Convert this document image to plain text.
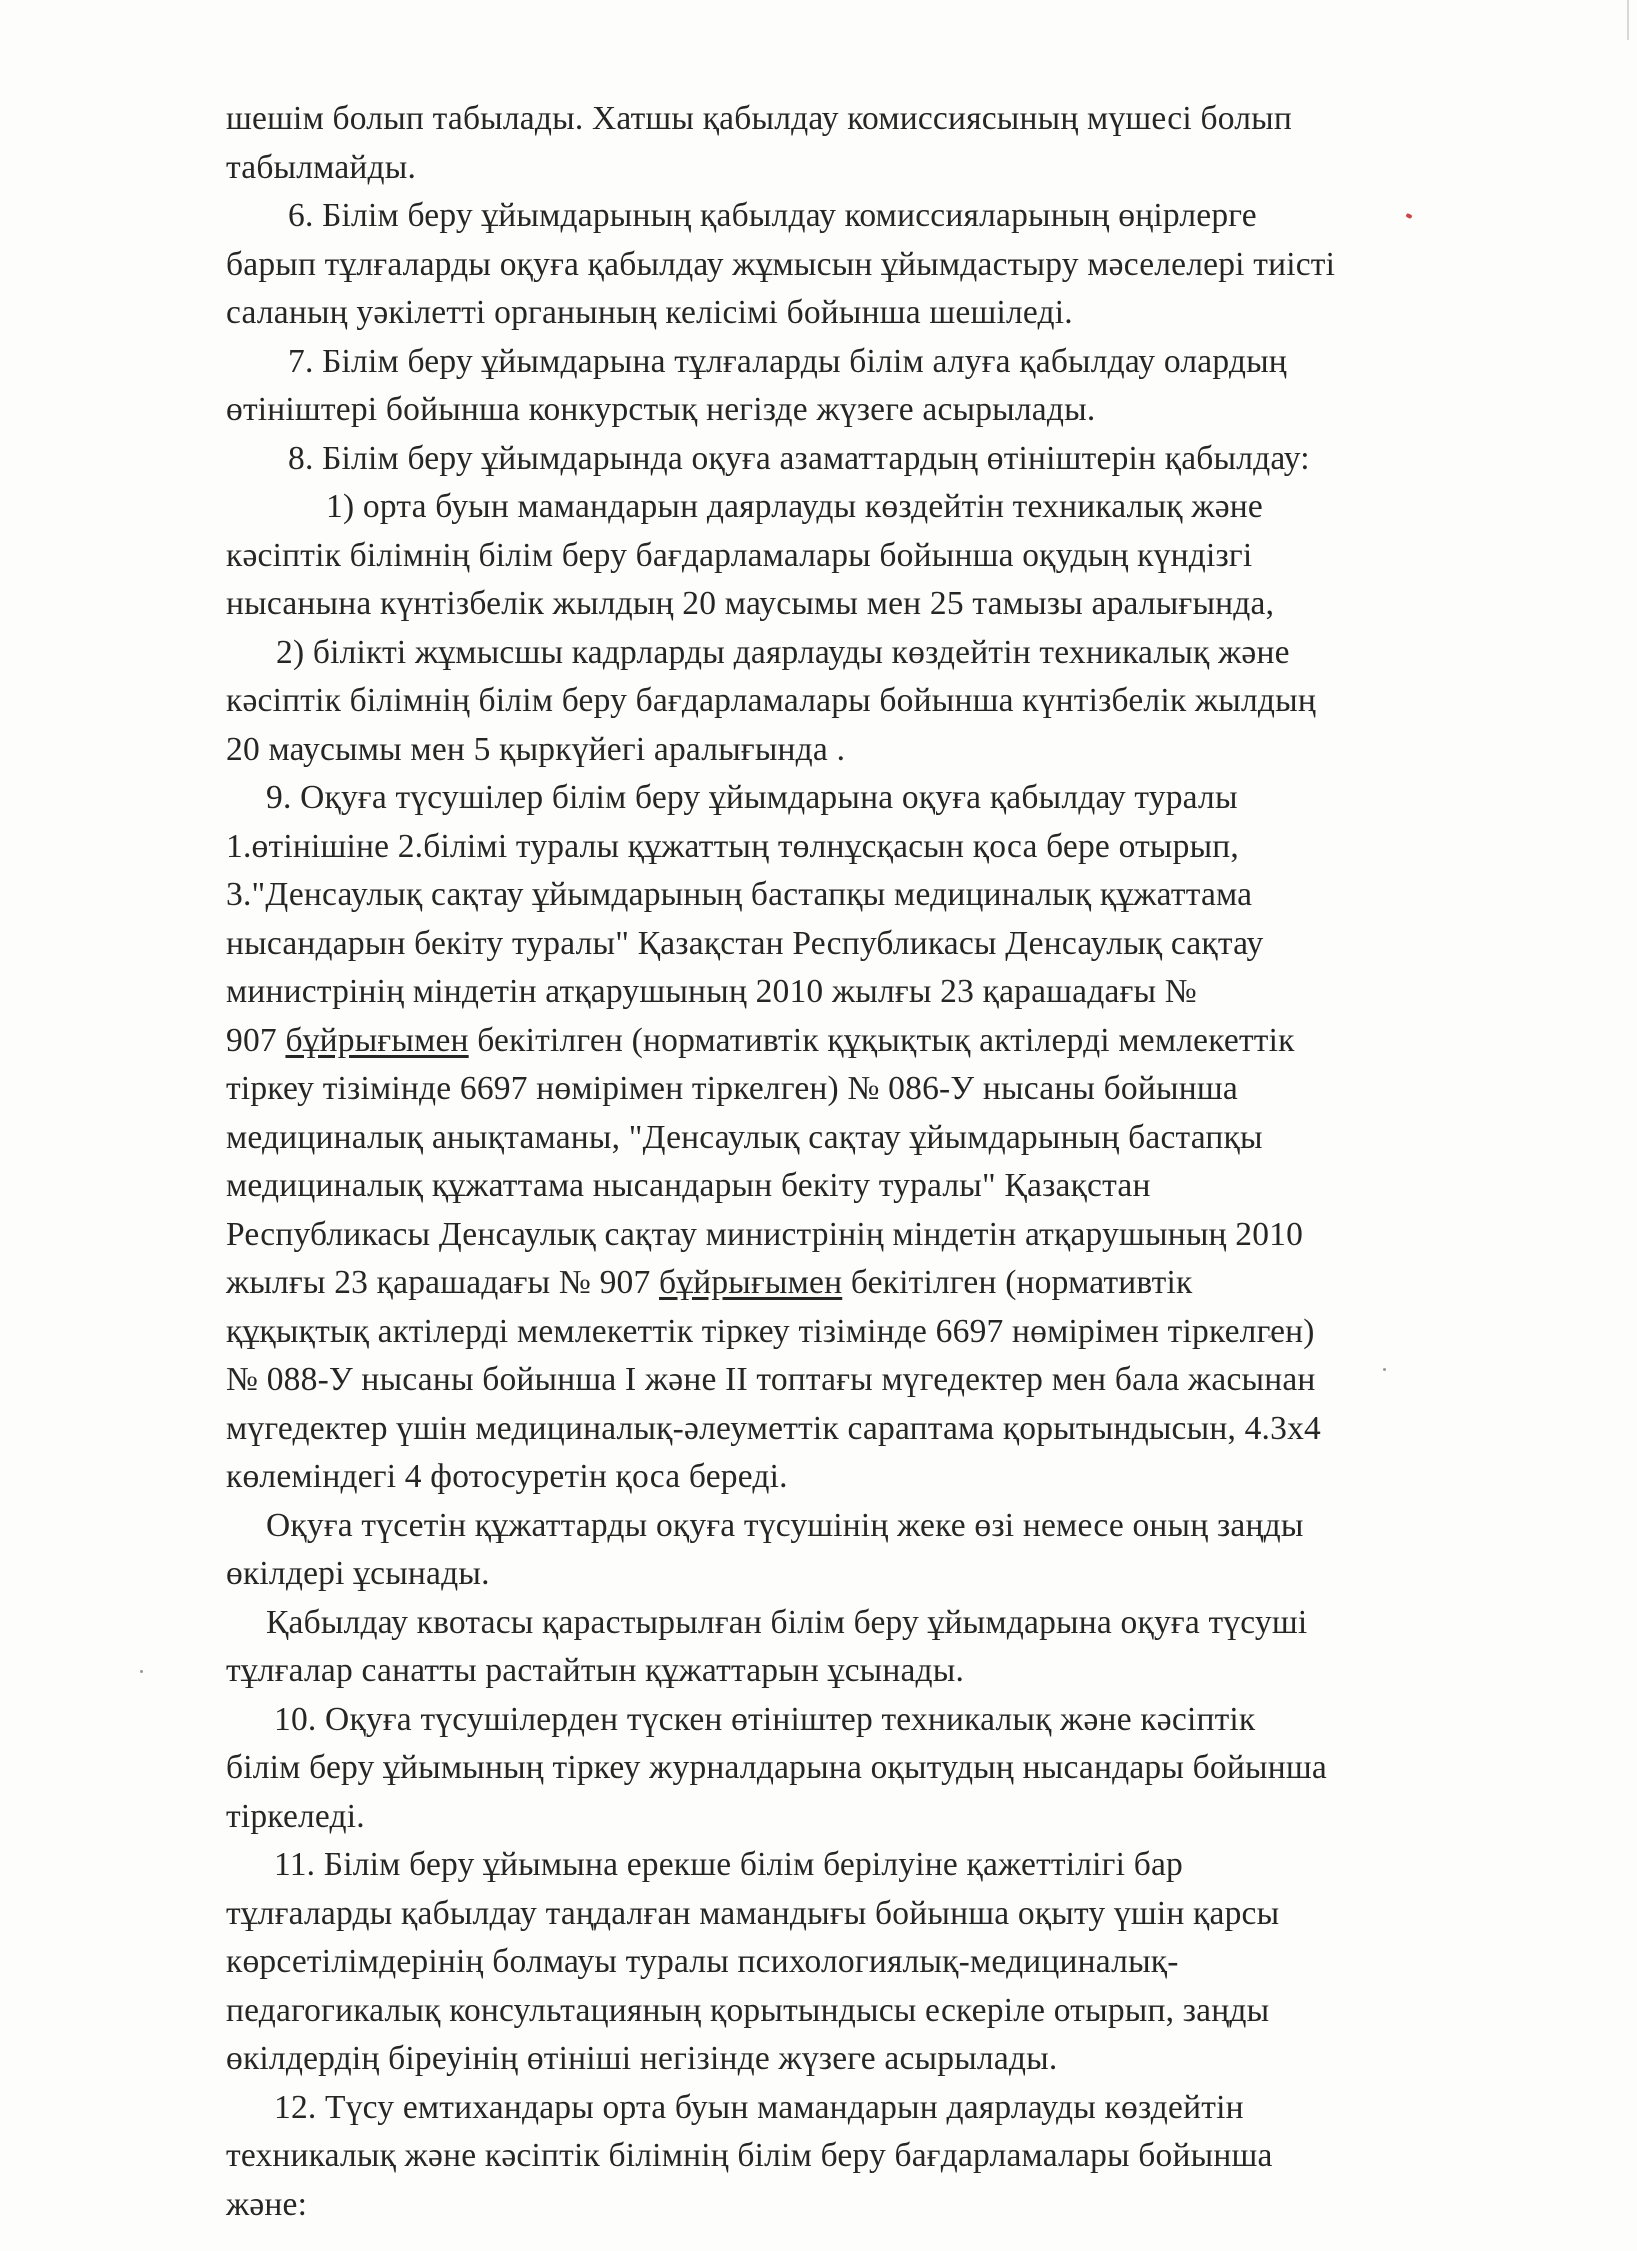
шешім болып табылады. Хатшы қабылдау комиссиясының мүшесі болып
табылмайды.
6. Білім беру ұйымдарының қабылдау комиссияларының өңірлерге
барып тұлғаларды оқуға қабылдау жұмысын ұйымдастыру мәселелері тиісті
саланың уәкілетті органының келісімі бойынша шешіледі.
7. Білім беру ұйымдарына тұлғаларды білім алуға қабылдау олардың
өтініштері бойынша конкурстық негізде жүзеге асырылады.
8. Білім беру ұйымдарында оқуға азаматтардың өтініштерін қабылдау:
1) орта буын мамандарын даярлауды көздейтін техникалық және
кәсіптік білімнің білім беру бағдарламалары бойынша оқудың күндізгі
нысанына күнтізбелік жылдың 20 маусымы мен 25 тамызы аралығында,
2) білікті жұмысшы кадрларды даярлауды көздейтін техникалық және
кәсіптік білімнің білім беру бағдарламалары бойынша күнтізбелік жылдың
20 маусымы мен 5 қыркүйегі аралығында .
9. Оқуға түсушілер білім беру ұйымдарына оқуға қабылдау туралы
1.өтінішіне 2.білімі туралы құжаттың төлнұсқасын қоса бере отырып,
3."Денсаулық сақтау ұйымдарының бастапқы медициналық құжаттама
нысандарын бекіту туралы" Қазақстан Республикасы Денсаулық сақтау
министрінің міндетін атқарушының 2010 жылғы 23 қарашадағы №
907 бұйрығымен бекітілген (нормативтік құқықтық актілерді мемлекеттік
тіркеу тізімінде 6697 нөмірімен тіркелген) № 086-У нысаны бойынша
медициналық анықтаманы, "Денсаулық сақтау ұйымдарының бастапқы
медициналық құжаттама нысандарын бекіту туралы" Қазақстан
Республикасы Денсаулық сақтау министрінің міндетін атқарушының 2010
жылғы 23 қарашадағы № 907 бұйрығымен бекітілген (нормативтік
құқықтық актілерді мемлекеттік тіркеу тізімінде 6697 нөмірімен тіркелген)
№ 088-У нысаны бойынша I және II топтағы мүгедектер мен бала жасынан
мүгедектер үшін медициналық-әлеуметтік сараптама қорытындысын, 4.3х4
көлеміндегі 4 фотосуретін қоса береді.
Оқуға түсетін құжаттарды оқуға түсушінің жеке өзі немесе оның заңды
өкілдері ұсынады.
Қабылдау квотасы қарастырылған білім беру ұйымдарына оқуға түсуші
тұлғалар санатты растайтын құжаттарын ұсынады.
10. Оқуға түсушілерден түскен өтініштер техникалық және кәсіптік
білім беру ұйымының тіркеу журналдарына оқытудың нысандары бойынша
тіркеледі.
11. Білім беру ұйымына ерекше білім берілуіне қажеттілігі бар
тұлғаларды қабылдау таңдалған мамандығы бойынша оқыту үшін қарсы
көрсетілімдерінің болмауы туралы психологиялық-медициналық-
педагогикалық консультацияның қорытындысы ескеріле отырып, заңды
өкілдердің біреуінің өтініші негізінде жүзеге асырылады.
12. Түсу емтихандары орта буын мамандарын даярлауды көздейтін
техникалық және кәсіптік білімнің білім беру бағдарламалары бойынша
және:
